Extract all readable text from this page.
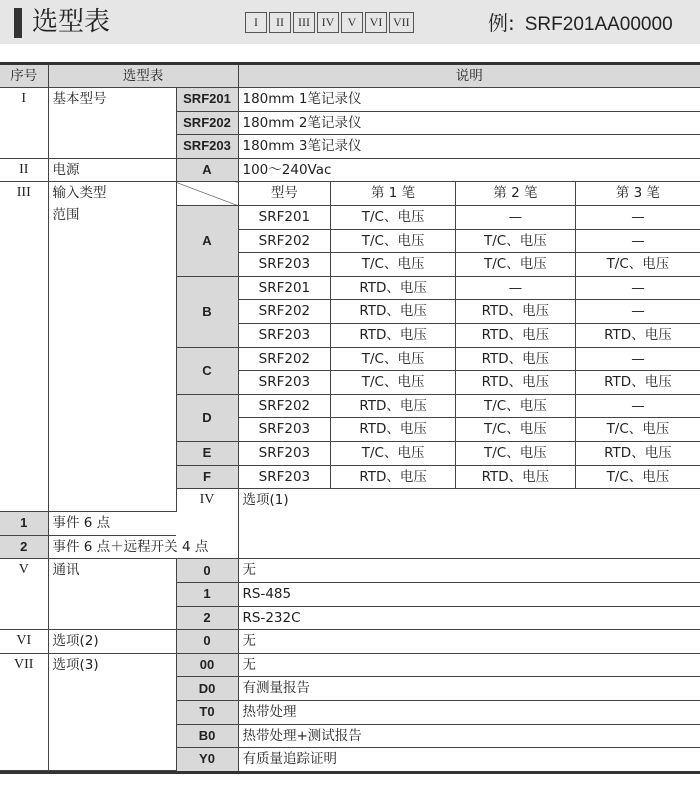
选型表	I	II	III IV	V	VI VII	例: SRF201AA00000
序号	选型表	说明
I	基本型号	SRF201	180mm 1笔记录仪
SRF202	180mm 2笔记录仪
SRF203	180mm 3笔记录仪
II	电源	A	100～240Vac
III	输入类型
范围

型号	第 1 笔	第 2 笔	第 3 笔

A	
SRF201	T/C、电压	—	—
SRF202	T/C、电压	T/C、电压	—
SRF203	T/C、电压	T/C、电压	T/C、电压

B	
SRF201	RTD、电压	—	—
SRF202	RTD、电压	RTD、电压	—
SRF203	RTD、电压	RTD、电压	RTD、电压

C	
SRF202	T/C、电压	RTD、电压	—
SRF203	T/C、电压	RTD、电压	RTD、电压

D	
SRF202	RTD、电压	T/C、电压	—
SRF203	RTD、电压	T/C、电压	T/C、电压

E		SRF203	T/C、电压	T/C、电压	RTD、电压

F		SRF203	RTD、电压	RTD、电压	T/C、电压

IV	选项(1)		
1	事件 6 点
2	事件 6 点＋远程开关 4 点
V	通讯	0	无
1	RS-485
2	RS-232C
VI	选项(2)	0	无
VII	选项(3)	00	无
D0	有测量报告
T0	热带处理
B0	热带处理+测试报告
Y0	有质量追踪证明
